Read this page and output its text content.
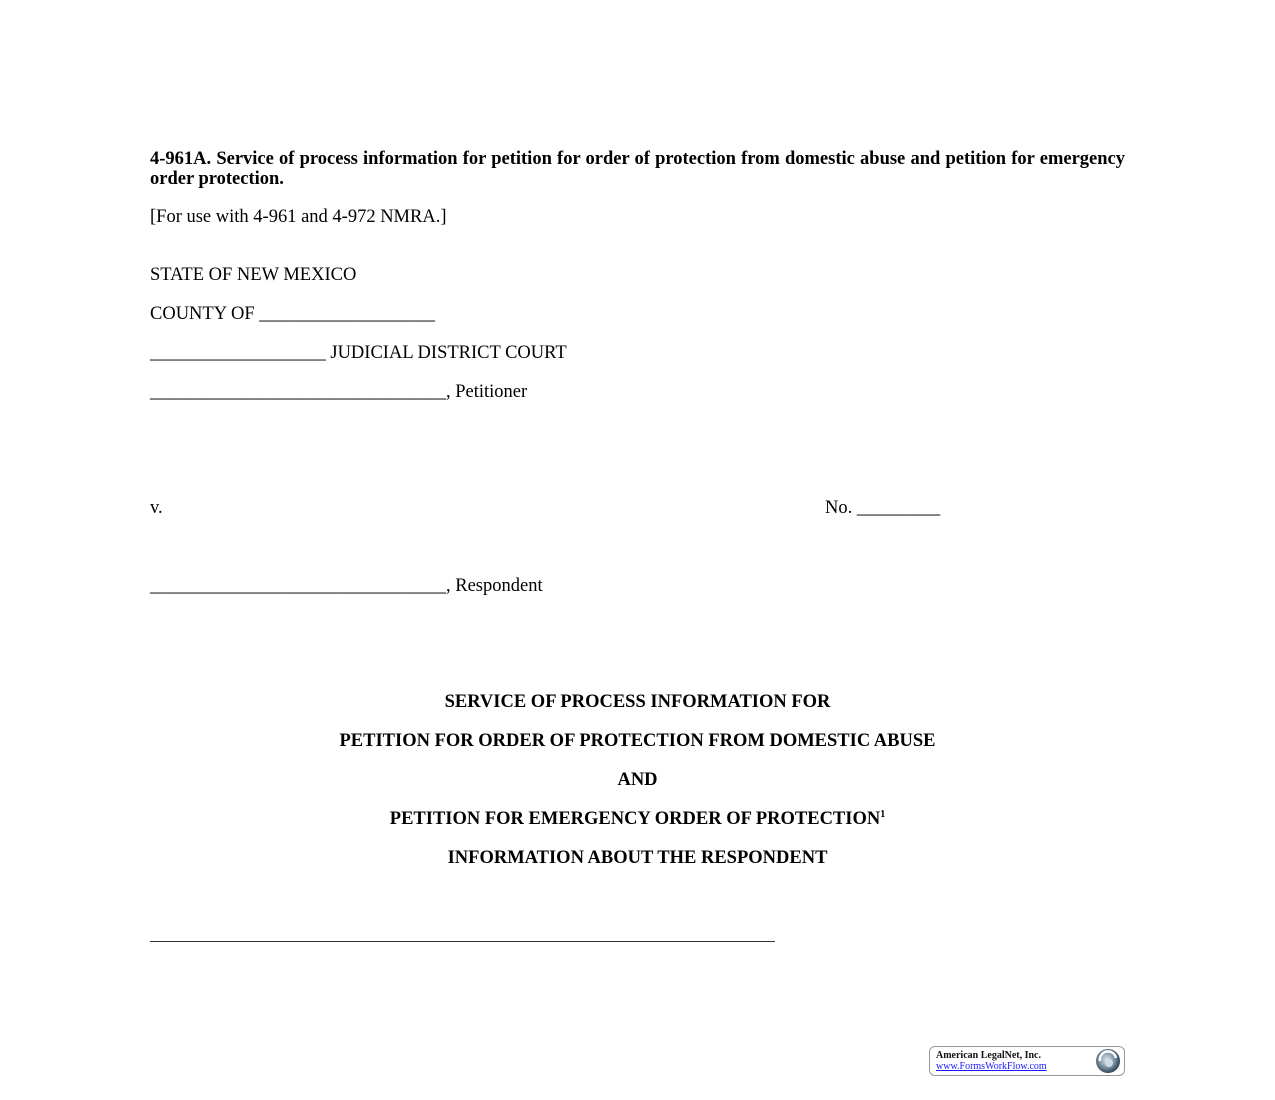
4-961A. Service of process information for petition for order of protection from domestic abuse and petition for emergency order protection.
[For use with 4-961 and 4-972 NMRA.]
STATE OF NEW MEXICO
COUNTY OF ___________________
___________________ JUDICIAL DISTRICT COURT
________________________________, Petitioner
v.	No. _________
________________________________, Respondent
SERVICE OF PROCESS INFORMATION FOR
PETITION FOR ORDER OF PROTECTION FROM DOMESTIC ABUSE
AND
PETITION FOR EMERGENCY ORDER OF PROTECTION$^1$
INFORMATION ABOUT THE RESPONDENT
American LegalNet, Inc.
www.FormsWorkFlow.com
